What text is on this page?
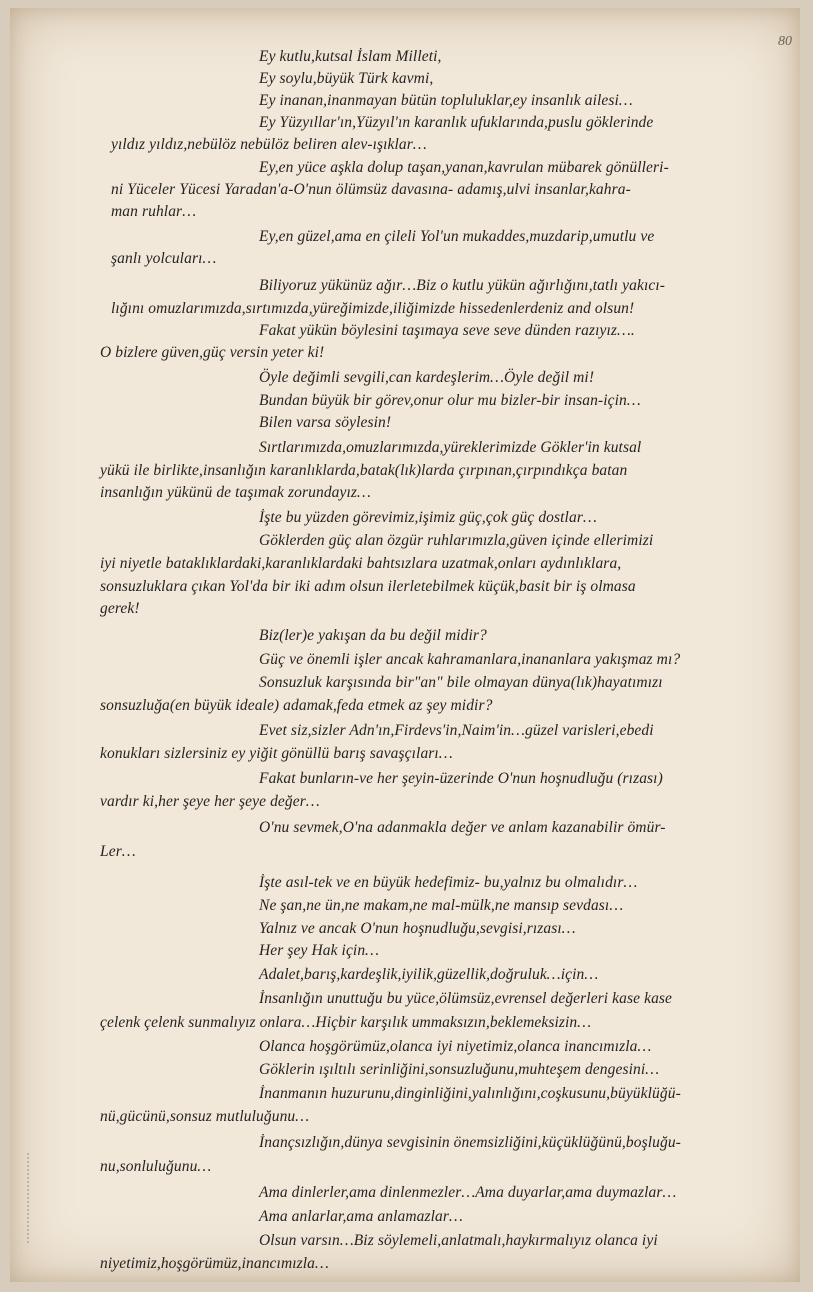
80
Ey kutlu,kutsal İslam Milleti,
Ey soylu,büyük Türk kavmi,
Ey inanan,inanmayan bütün topluluklar,ey insanlık ailesi…
Ey Yüzyıllar'ın,Yüzyıl'ın karanlık ufuklarında,puslu göklerinde
yıldız yıldız,nebülöz nebülöz beliren alev-ışıklar…
Ey,en yüce aşkla dolup taşan,yanan,kavrulan mübarek gönülleri-
ni Yüceler Yücesi Yaradan'a-O'nun ölümsüz davasına- adamış,ulvi insanlar,kahra-
man ruhlar…
Ey,en güzel,ama en çileli Yol'un mukaddes,muzdarip,umutlu ve
şanlı yolcuları…
Biliyoruz yükünüz ağır…Biz o kutlu yükün ağırlığını,tatlı yakıcı-
lığını omuzlarımızda,sırtımızda,yüreğimizde,iliğimizde hissedenlerdeniz and olsun!
Fakat yükün böylesini taşımaya seve seve dünden razıyız….
O bizlere güven,güç versin yeter ki!
Öyle değimli sevgili,can kardeşlerim…Öyle değil mi!
Bundan büyük bir görev,onur olur mu bizler-bir insan-için…
Bilen varsa söylesin!
Sırtlarımızda,omuzlarımızda,yüreklerimizde Gökler'in kutsal
yükü ile birlikte,insanlığın karanlıklarda,batak(lık)larda çırpınan,çırpındıkça batan
insanlığın yükünü de taşımak zorundayız…
İşte bu yüzden görevimiz,işimiz güç,çok güç dostlar…
Göklerden güç alan özgür ruhlarımızla,güven içinde ellerimizi
iyi niyetle bataklıklardaki,karanlıklardaki bahtsızlara uzatmak,onları aydınlıklara,
sonsuzluklara çıkan Yol'da bir iki adım olsun ilerletebilmek küçük,basit bir iş olmasa
gerek!
Biz(ler)e yakışan da bu değil midir?
Güç ve önemli işler ancak kahramanlara,inananlara yakışmaz mı?
Sonsuzluk karşısında bir"an" bile olmayan dünya(lık)hayatımızı
sonsuzluğa(en büyük ideale) adamak,feda etmek az şey midir?
Evet siz,sizler Adn'ın,Firdevs'in,Naim'in…güzel varisleri,ebedi
konukları sizlersiniz ey yiğit gönüllü barış savaşçıları…
Fakat bunların-ve her şeyin-üzerinde O'nun hoşnudluğu (rızası)
vardır ki,her şeye her şeye değer…
O'nu sevmek,O'na adanmakla değer ve anlam kazanabilir ömür-
Ler…
İşte asıl-tek ve en büyük hedefimiz- bu,yalnız bu olmalıdır…
Ne şan,ne ün,ne makam,ne mal-mülk,ne mansıp sevdası…
Yalnız ve ancak O'nun hoşnudluğu,sevgisi,rızası…
Her şey Hak için…
Adalet,barış,kardeşlik,iyilik,güzellik,doğruluk…için…
İnsanlığın unuttuğu bu yüce,ölümsüz,evrensel değerleri kase kase
çelenk çelenk sunmalıyız onlara…Hiçbir karşılık ummaksızın,beklemeksizin…
Olanca hoşgörümüz,olanca iyi niyetimiz,olanca inancımızla…
Göklerin ışıltılı serinliğini,sonsuzluğunu,muhteşem dengesini…
İnanmanın huzurunu,dinginliğini,yalınlığını,coşkusunu,büyüklüğü-
nü,gücünü,sonsuz mutluluğunu…
İnançsızlığın,dünya sevgisinin önemsizliğini,küçüklüğünü,boşluğu-
nu,sonluluğunu…
Ama dinlerler,ama dinlenmezler…Ama duyarlar,ama duymazlar…
Ama anlarlar,ama anlamazlar…
Olsun varsın…Biz söylemeli,anlatmalı,haykırmalıyız olanca iyi
niyetimiz,hoşgörümüz,inancımızla…
